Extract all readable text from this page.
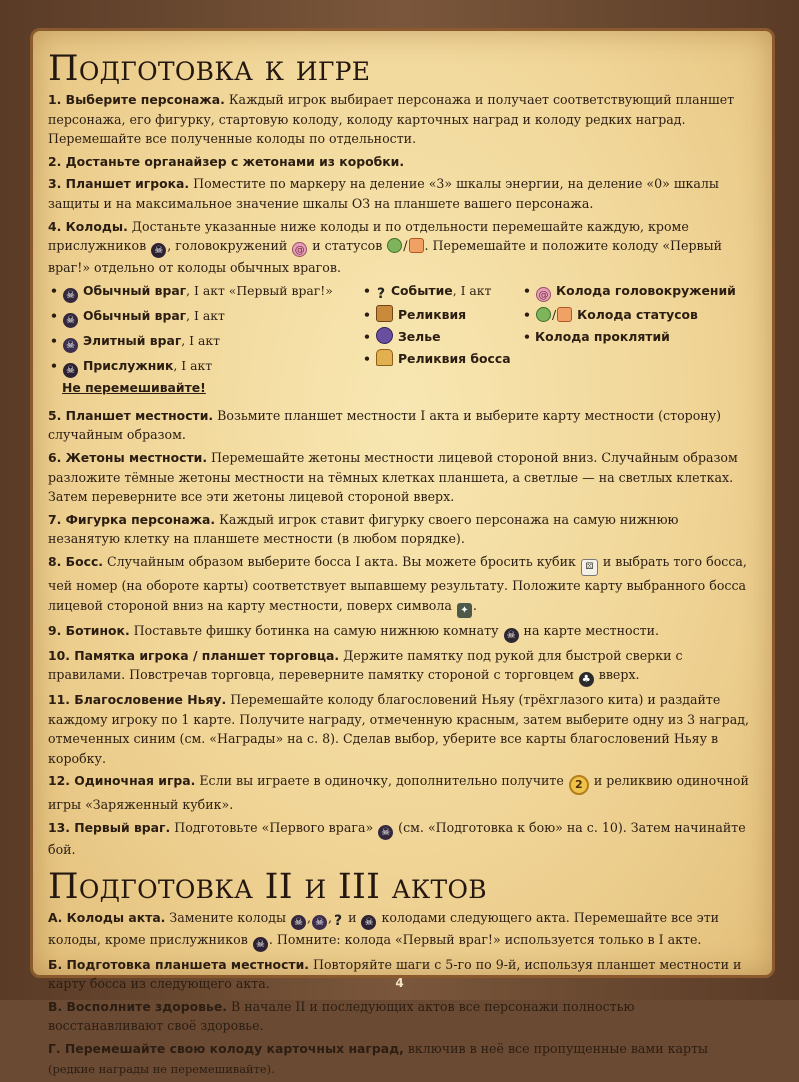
Подготовка к игре

1. Выберите персонажа. Каждый игрок выбирает персонажа и получает соответствующий планшет персонажа, его фигурку, стартовую колоду, колоду карточных наград и колоду редких наград. Перемешайте все полученные колоды по отдельности.

2. Достаньте органайзер с жетонами из коробки.

3. Планшет игрока. Поместите по маркеру на деление «3» шкалы энергии, на деление «0» шкалы защиты и на максимальное значение шкалы ОЗ на планшете вашего персонажа.

4. Колоды. Достаньте указанные ниже колоды и по отдельности перемешайте каждую, кроме прислужников ☠ , головокружений @ и статусов / . Перемешайте и положите колоду «Первый враг!» отдельно от колоды обычных врагов.

• ☠ Обычный враг, I акт «Первый враг!»
• ☠ Обычный враг, I акт
• ☠ Элитный враг, I акт
• ☠ Прислужник, I акт
Не перемешивайте!
• ? Событие, I акт
• Реликвия
• Зелье
• Реликвия босса
• @ Колода головокружений
• / Колода статусов
• Колода проклятий

5. Планшет местности. Возьмите планшет местности I акта и выберите карту местности (сторону) случайным образом.

6. Жетоны местности. Перемешайте жетоны местности лицевой стороной вниз. Случайным образом разложите тёмные жетоны местности на тёмных клетках планшета, а светлые — на светлых клетках. Затем переверните все эти жетоны лицевой стороной вверх.

7. Фигурка персонажа. Каждый игрок ставит фигурку своего персонажа на самую нижнюю незанятую клетку на планшете местности (в любом порядке).

8. Босс. Случайным образом выберите босса I акта. Вы можете бросить кубик ⚄ и выбрать того босса, чей номер (на обороте карты) соответствует выпавшему результату. Положите карту выбранного босса лицевой стороной вниз на карту местности, поверх символа ✦ .

9. Ботинок. Поставьте фишку ботинка на самую нижнюю комнату ☠ на карте местности.

10. Памятка игрока / планшет торговца. Держите памятку под рукой для быстрой сверки с правилами. Повстречав торговца, переверните памятку стороной с торговцем ♣ вверх.

11. Благословение Ньяу. Перемешайте колоду благословений Ньяу (трёхглазого кита) и раздайте каждому игроку по 1 карте. Получите награду, отмеченную красным, затем выберите одну из 3 наград, отмеченных синим (см. «Награды» на с. 8). Сделав выбор, уберите все карты благословений Ньяу в коробку.

12. Одиночная игра. Если вы играете в одиночку, дополнительно получите 2 и реликвию одиночной игры «Заряженный кубик».

13. Первый враг. Подготовьте «Первого врага» ☠ (см. «Подготовка к бою» на с. 10). Затем начинайте бой.

Подготовка II и III актов

А. Колоды акта. Замените колоды ☠ , ☠ , ? и ☠ колодами следующего акта. Перемешайте все эти колоды, кроме прислужников ☠ . Помните: колода «Первый враг!» используется только в I акте.

Б. Подготовка планшета местности. Повторяйте шаги с 5-го по 9-й, используя планшет местности и карту босса из следующего акта.

В. Восполните здоровье. В начале II и последующих актов все персонажи полностью восстанавливают своё здоровье.

Г. Перемешайте свою колоду карточных наград, включив в неё все пропущенные вами карты
(редкие награды не перемешивайте).

4
